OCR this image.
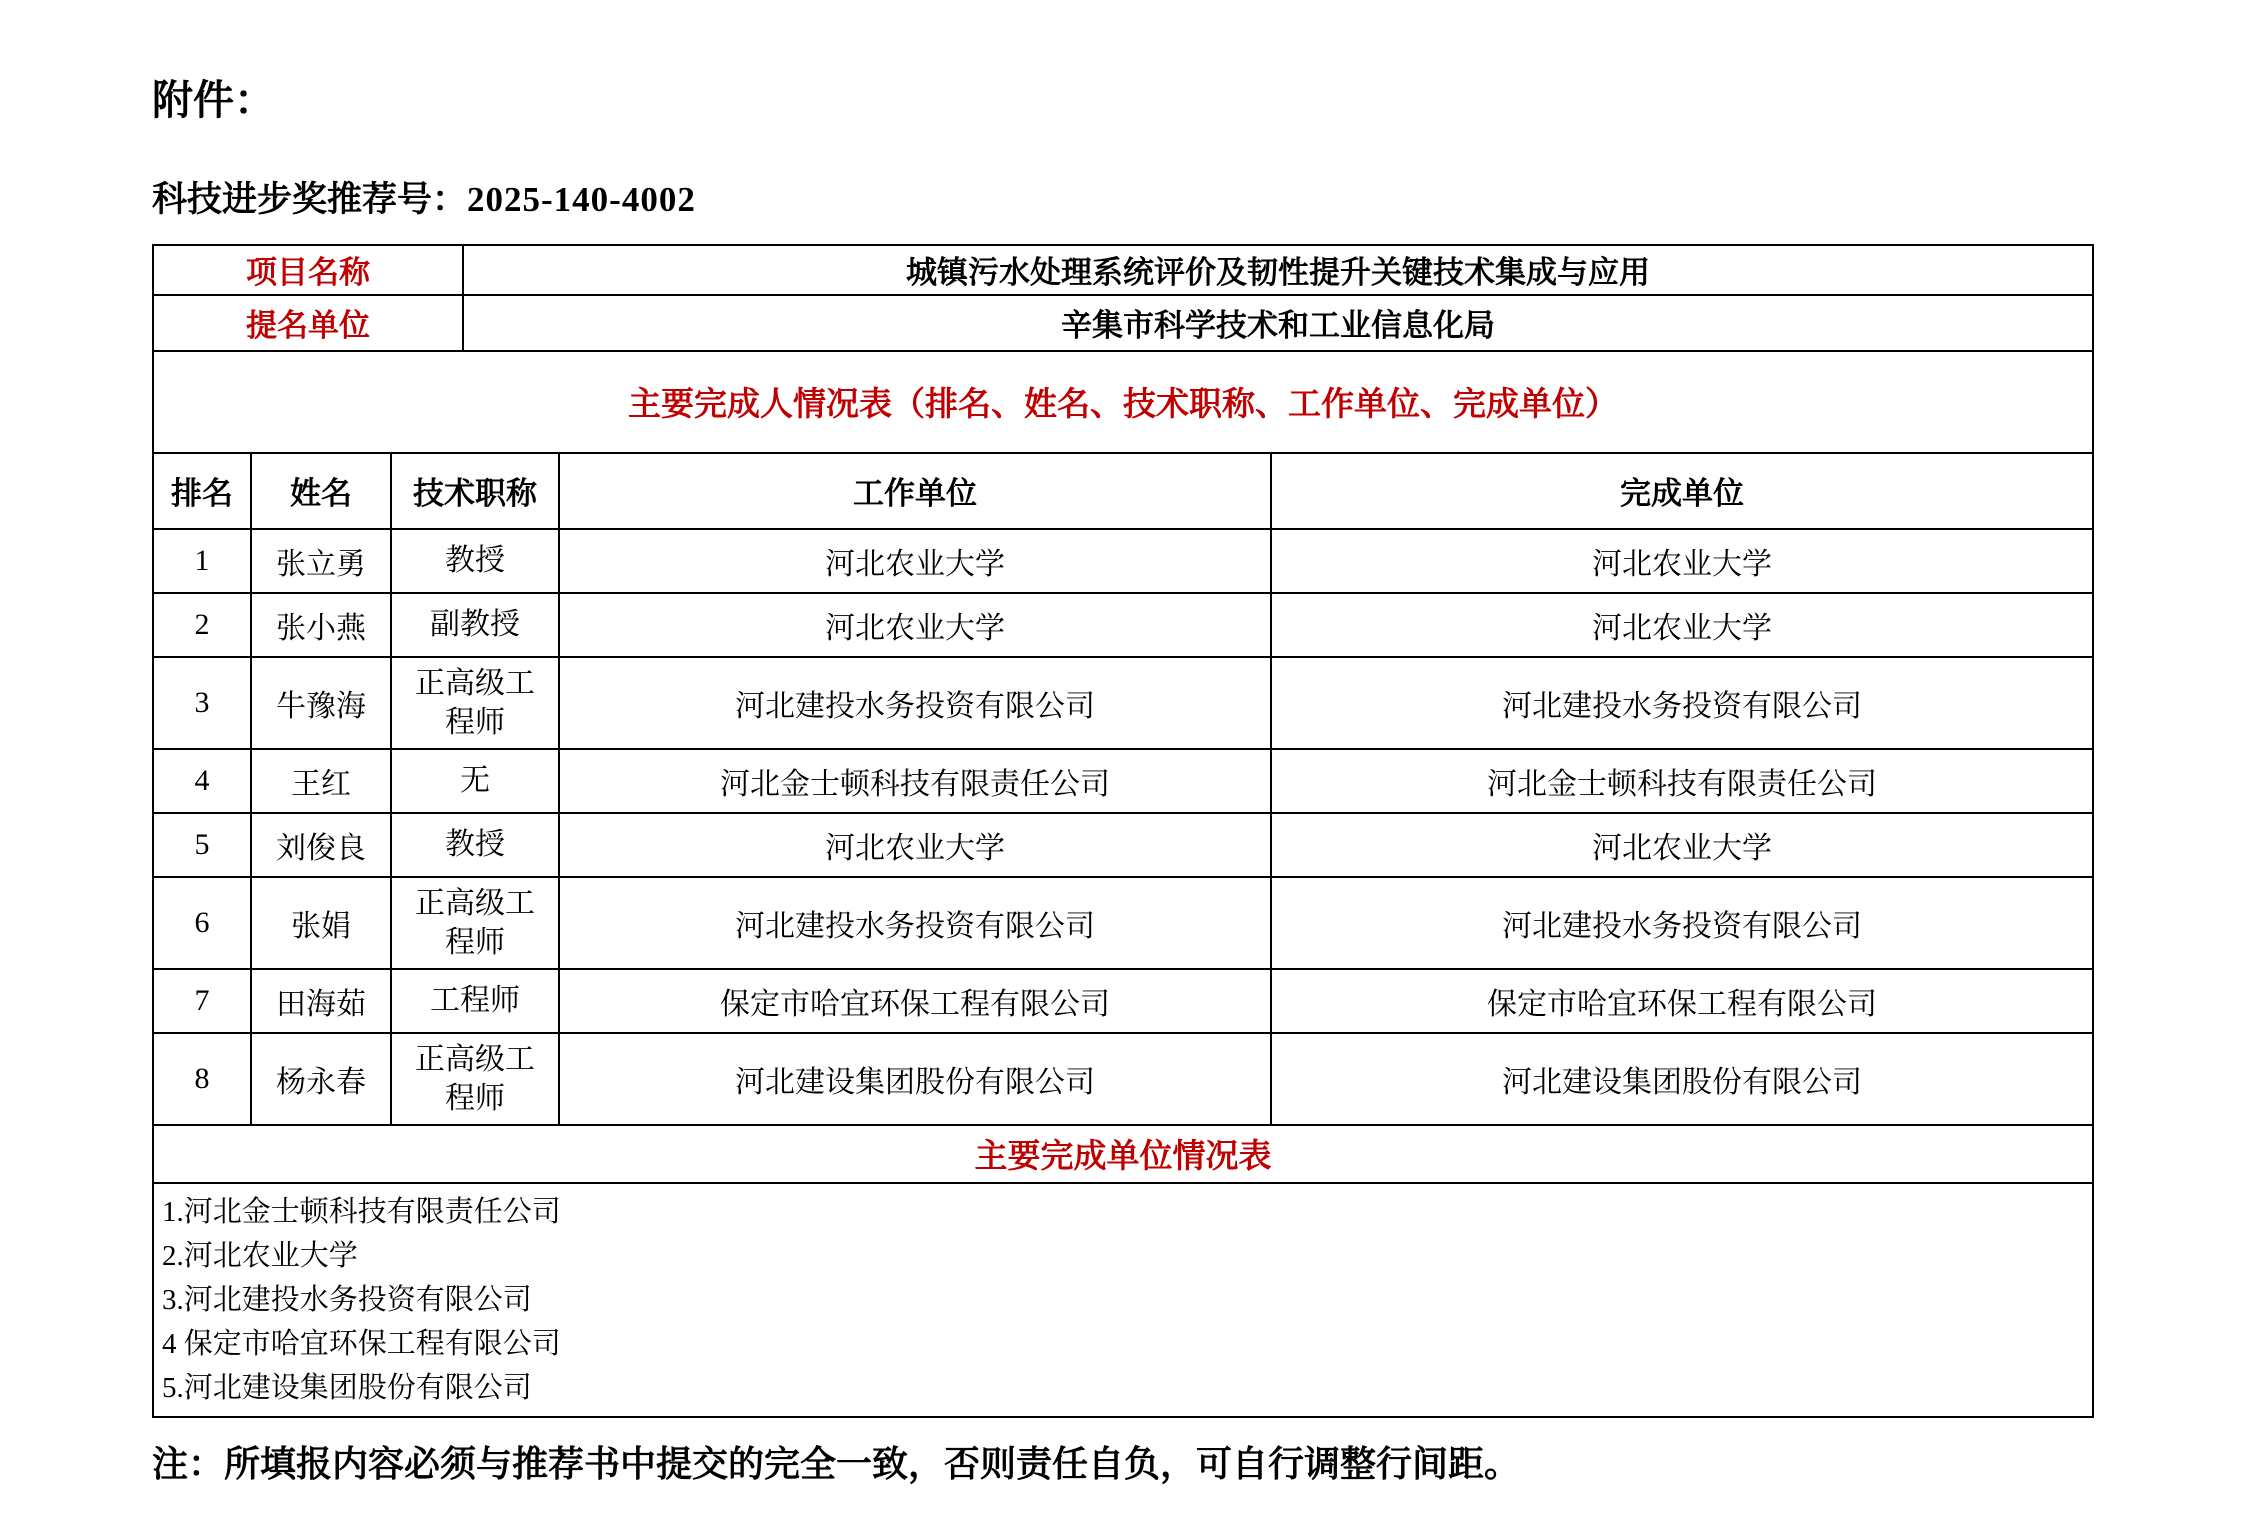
附件：
科技进步奖推荐号：2025-140-4002
项目名称	城镇污水处理系统评价及韧性提升关键技术集成与应用
提名单位	辛集市科学技术和工业信息化局
主要完成人情况表（排名、姓名、技术职称、工作单位、完成单位）	
排名	姓名	技术职称	工作单位	完成单位
1	张立勇	教授	河北农业大学	河北农业大学
2	张小燕	副教授	河北农业大学	河北农业大学
3	牛豫海	正高级工程师	河北建投水务投资有限公司	河北建投水务投资有限公司
4	王红	无	河北金士顿科技有限责任公司	河北金士顿科技有限责任公司
5	刘俊良	教授	河北农业大学	河北农业大学
6	张娟	正高级工程师	河北建投水务投资有限公司	河北建投水务投资有限公司
7	田海茹	工程师	保定市哈宜环保工程有限公司	保定市哈宜环保工程有限公司
8	杨永春	正高级工程师	河北建设集团股份有限公司	河北建设集团股份有限公司
主要完成单位情况表				

1.河北金士顿科技有限责任公司
2.河北农业大学
3.河北建投水务投资有限公司
4 保定市哈宜环保工程有限公司
5.河北建设集团股份有限公司				
注：所填报内容必须与推荐书中提交的完全一致，否则责任自负，可自行调整行间距。
